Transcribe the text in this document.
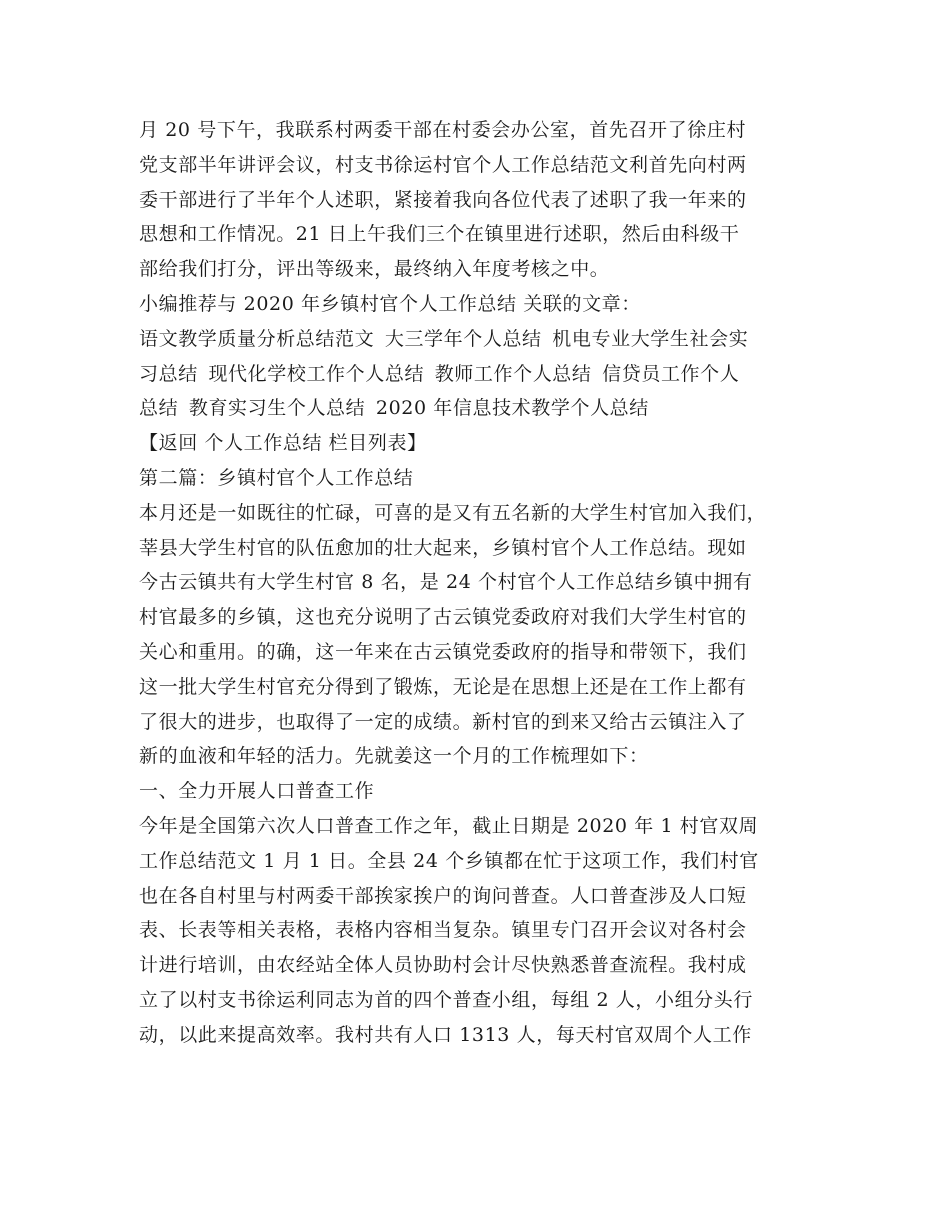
月 20 号下午，我联系村两委干部在村委会办公室，首先召开了徐庄村
党支部半年讲评会议，村支书徐运村官个人工作总结范文利首先向村两
委干部进行了半年个人述职，紧接着我向各位代表了述职了我一年来的
思想和工作情况。21 日上午我们三个在镇里进行述职，然后由科级干
部给我们打分，评出等级来，最终纳入年度考核之中。
小编推荐与 2020 年乡镇村官个人工作总结 关联的文章：
语文教学质量分析总结范文 大三学年个人总结 机电专业大学生社会实
习总结 现代化学校工作个人总结 教师工作个人总结 信贷员工作个人
总结 教育实习生个人总结 2020 年信息技术教学个人总结
【返回 个人工作总结 栏目列表】
第二篇：乡镇村官个人工作总结
本月还是一如既往的忙碌，可喜的是又有五名新的大学生村官加入我们，
莘县大学生村官的队伍愈加的壮大起来，乡镇村官个人工作总结。现如
今古云镇共有大学生村官 8 名，是 24 个村官个人工作总结乡镇中拥有
村官最多的乡镇，这也充分说明了古云镇党委政府对我们大学生村官的
关心和重用。的确，这一年来在古云镇党委政府的指导和带领下，我们
这一批大学生村官充分得到了锻炼，无论是在思想上还是在工作上都有
了很大的进步，也取得了一定的成绩。新村官的到来又给古云镇注入了
新的血液和年轻的活力。先就姜这一个月的工作梳理如下：
一、全力开展人口普查工作
今年是全国第六次人口普查工作之年，截止日期是 2020 年 1 村官双周
工作总结范文 1 月 1 日。全县 24 个乡镇都在忙于这项工作，我们村官
也在各自村里与村两委干部挨家挨户的询问普查。人口普查涉及人口短
表、长表等相关表格，表格内容相当复杂。镇里专门召开会议对各村会
计进行培训，由农经站全体人员协助村会计尽快熟悉普查流程。我村成
立了以村支书徐运利同志为首的四个普查小组，每组 2 人，小组分头行
动，以此来提高效率。我村共有人口 1313 人，每天村官双周个人工作
